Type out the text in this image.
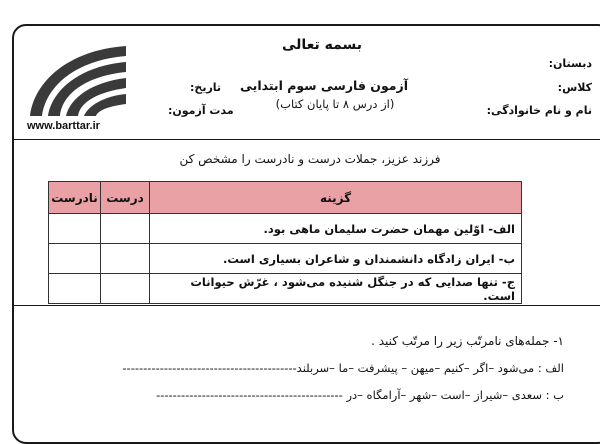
بسمه تعالی
آزمون فارسی سوم ابتدایی
(از درس ۸ تا پایان کتاب)
دبستان:
کلاس:
نام و نام خانوادگی:
تاریخ:
مدت آزمون:
www.barttar.ir
فرزند عزیز، جملات درست و نادرست را مشخص کن
گزینه	درست	نادرست
الف- اوّلین مهمان حضرت سلیمان ماهی بود.		
ب- ایران زادگاه دانشمندان و شاعران بسیاری است.		
ج- تنها صدایی که در جنگل شنیده می‌شود ، غرّش حیوانات است.		
۱- جمله‌های نامرتّب زیر را مرتّب کنید .
الف : می‌شود –اگر –کنیم –میهن – پیشرفت –ما –سربلند------------------------------------------
ب : سعدی –شیراز –است –شهر –آرامگاه –در ---------------------------------------------
